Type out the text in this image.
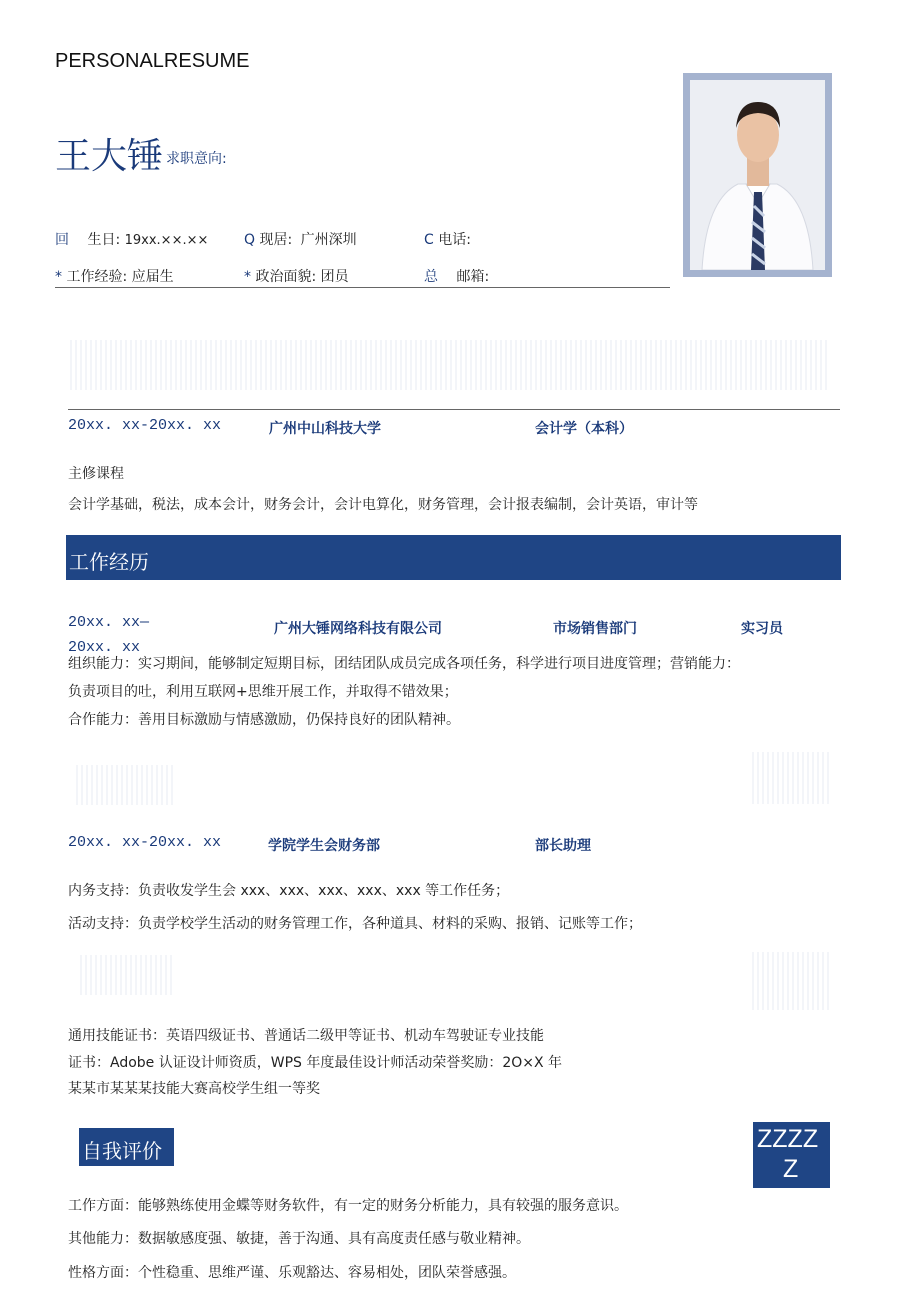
PERSONALRESUME
王大锤 求职意向:
回 生日: 19xx.××.××	Q 现居: 广州深圳	C 电话:
* 工作经验: 应届生	* 政治面貌: 团员	总 邮箱:
20xx. xx-20xx. xx	广州中山科技大学	会计学（本科）
主修课程
会计学基础，税法，成本会计，财务会计，会计电算化，财务管理，会计报表编制，会计英语，审计等
工作经历
20xx. xx—
20xx. xx
广州大锤网络科技有限公司	市场销售部门	实习员
组织能力：实习期间，能够制定短期目标，团结团队成员完成各项任务，科学进行项目进度管理；营销能力：
负责项目的吐，利用互联网+思维开展工作，并取得不错效果；
合作能力：善用目标激励与情感激励，仍保持良好的团队精神。
20xx. xx-20xx. xx	学院学生会财务部	部长助理
内务支持：负责收发学生会 xxx、xxx、xxx、xxx、xxx 等工作任务；
活动支持：负责学校学生活动的财务管理工作，各种道具、材料的采购、报销、记账等工作；
通用技能证书：英语四级证书、普通话二级甲等证书、机动车驾驶证专业技能
证书：Adobe 认证设计师资质，WPS 年度最佳设计师活动荣誉奖励：2O×X 年
某某市某某某技能大赛高校学生组一等奖
自我评价	ZZZZ
Z
工作方面：能够熟练使用金蝶等财务软件，有一定的财务分析能力，具有较强的服务意识。
其他能力：数据敏感度强、敏捷，善于沟通、具有高度责任感与敬业精神。
性格方面：个性稳重、思维严谨、乐观豁达、容易相处，团队荣誉感强。
